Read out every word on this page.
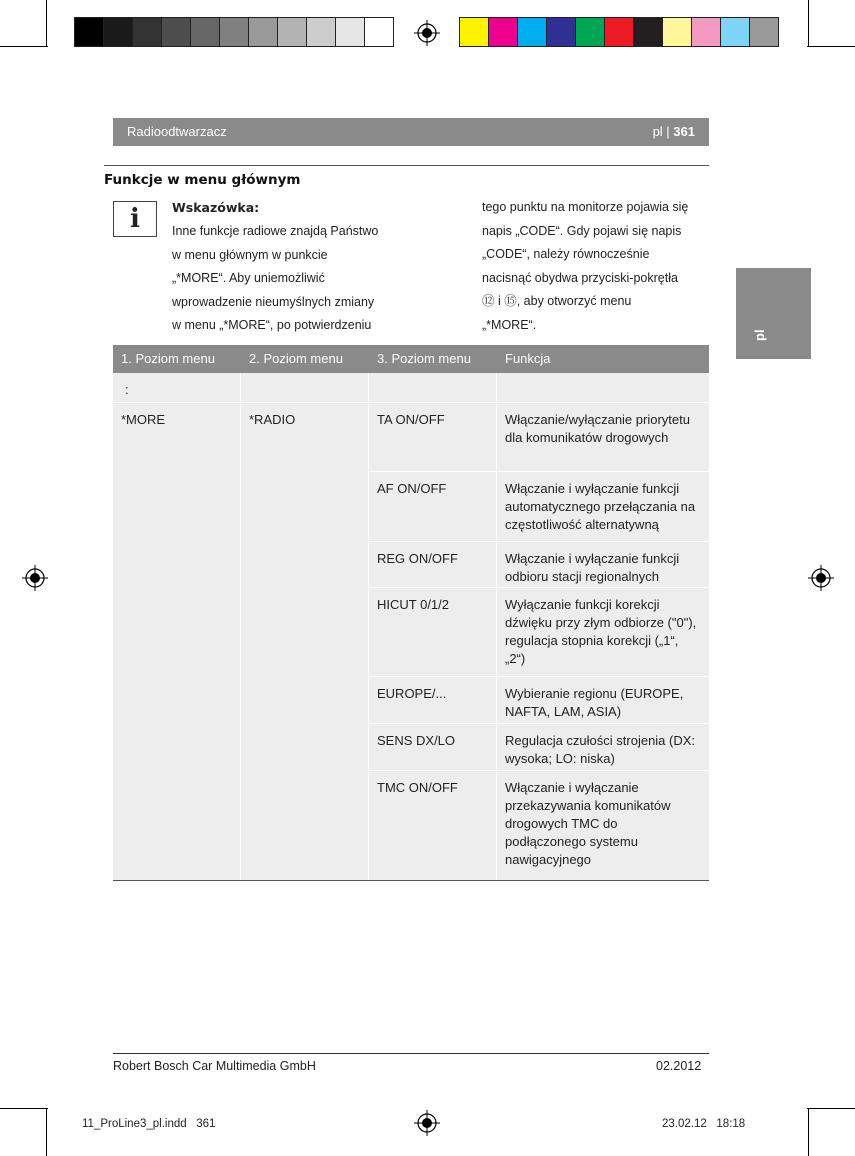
Radioodtwarzacz	pl | 361
pl
Funkcje w menu głównym
i	Wskazówka:
Inne funkcje radiowe znajdą Państwo
w menu głównym w punkcie
„*MORE“. Aby uniemożliwić
wprowadzenie nieumyślnych zmiany
w menu „*MORE“, po potwierdzeniu
tego punktu na monitorze pojawia się
napis „CODE“. Gdy pojawi się napis
„CODE“, należy równocześnie
nacisnąć obydwa przyciski-pokrętła
⑫ i ⑮, aby otworzyć menu
„*MORE“.
1. Poziom menu	2. Poziom menu	3. Poziom menu	Funkcja
:
*MORE	*RADIO	TA ON/OFF	Włączanie/wyłączanie priorytetu dla komunikatów drogowych
AF ON/OFF	Włączanie i wyłączanie funkcji automatycznego przełączania na częstotliwość alternatywną
REG ON/OFF	Włączanie i wyłączanie funkcji odbioru stacji regionalnych
HICUT 0/1/2	Wyłączanie funkcji korekcji dźwięku przy złym odbiorze ("0"), regulacja stopnia korekcji („1“, „2“)
EUROPE/...	Wybieranie regionu (EUROPE, NAFTA, LAM, ASIA)
SENS DX/LO	Regulacja czułości strojenia (DX: wysoka; LO: niska)
TMC ON/OFF	Włączanie i wyłączanie przekazywania komunikatów drogowych TMC do podłączonego systemu nawigacyjnego
Robert Bosch Car Multimedia GmbH	02.2012
11_ProLine3_pl.indd   361	23.02.12   18:18
